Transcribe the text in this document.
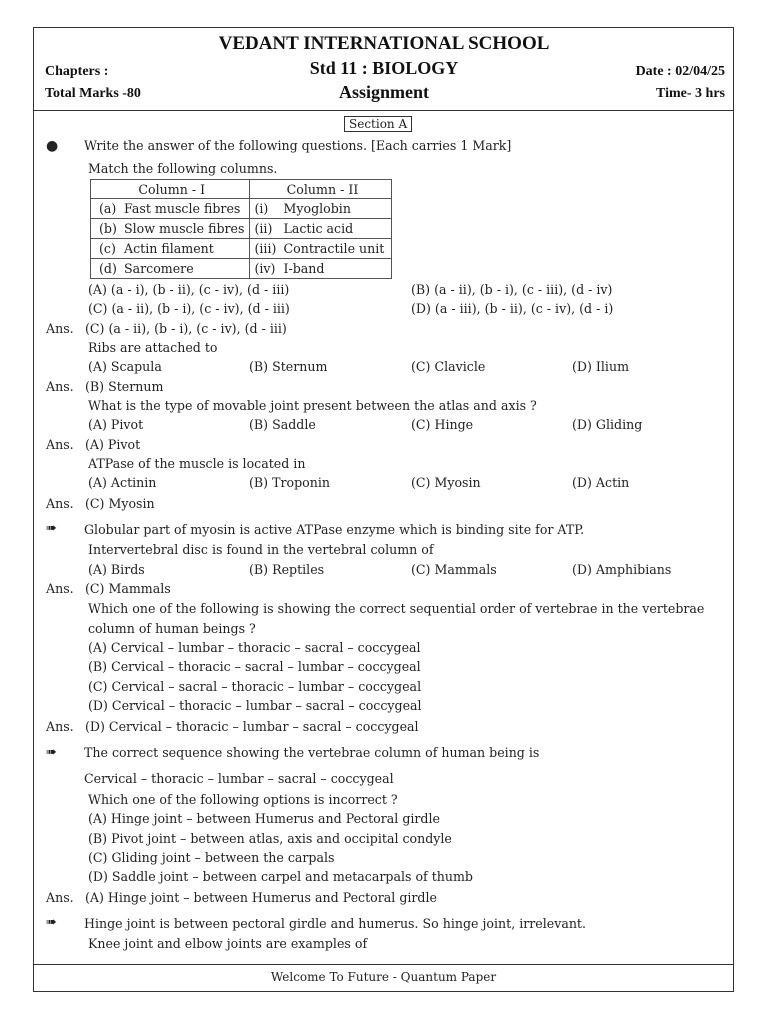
VEDANT INTERNATIONAL SCHOOL
Chapters :	Std 11 : BIOLOGY	Date : 02/04/25
Total Marks -80	Assignment	Time- 3 hrs
Section A
● Write the answer of the following questions. [Each carries 1 Mark]
Match the following columns.
Column - I	Column - II

(a) Fast muscle fibres	(i) Myoglobin

(b) Slow muscle fibres	(ii) Lactic acid

(c) Actin filament	(iii) Contractile unit

(d) Sarcomere	(iv) I-band
(A) (a - i), (b - ii), (c - iv), (d - iii)	(B) (a - ii), (b - i), (c - iii), (d - iv)
(C) (a - ii), (b - i), (c - iv), (d - iii)	(D) (a - iii), (b - ii), (c - iv), (d - i)
Ans. (C) (a - ii), (b - i), (c - iv), (d - iii)
Ribs are attached to
(A) Scapula	(B) Sternum	(C) Clavicle	(D) Ilium
Ans. (B) Sternum
What is the type of movable joint present between the atlas and axis ?
(A) Pivot	(B) Saddle	(C) Hinge	(D) Gliding
Ans. (A) Pivot
ATPase of the muscle is located in
(A) Actinin	(B) Troponin	(C) Myosin	(D) Actin
Ans. (C) Myosin
➠ Globular part of myosin is active ATPase enzyme which is binding site for ATP.
Intervertebral disc is found in the vertebral column of
(A) Birds	(B) Reptiles	(C) Mammals	(D) Amphibians
Ans. (C) Mammals
Which one of the following is showing the correct sequential order of vertebrae in the vertebrae
column of human beings ?
(A) Cervical – lumbar – thoracic – sacral – coccygeal
(B) Cervical – thoracic – sacral – lumbar – coccygeal
(C) Cervical – sacral – thoracic – lumbar – coccygeal
(D) Cervical – thoracic – lumbar – sacral – coccygeal
Ans. (D) Cervical – thoracic – lumbar – sacral – coccygeal
➠ The correct sequence showing the vertebrae column of human being is
Cervical – thoracic – lumbar – sacral – coccygeal
Which one of the following options is incorrect ?
(A) Hinge joint – between Humerus and Pectoral girdle
(B) Pivot joint – between atlas, axis and occipital condyle
(C) Gliding joint – between the carpals
(D) Saddle joint – between carpel and metacarpals of thumb
Ans. (A) Hinge joint – between Humerus and Pectoral girdle
➠ Hinge joint is between pectoral girdle and humerus. So hinge joint, irrelevant.
Knee joint and elbow joints are examples of
Welcome To Future - Quantum Paper
